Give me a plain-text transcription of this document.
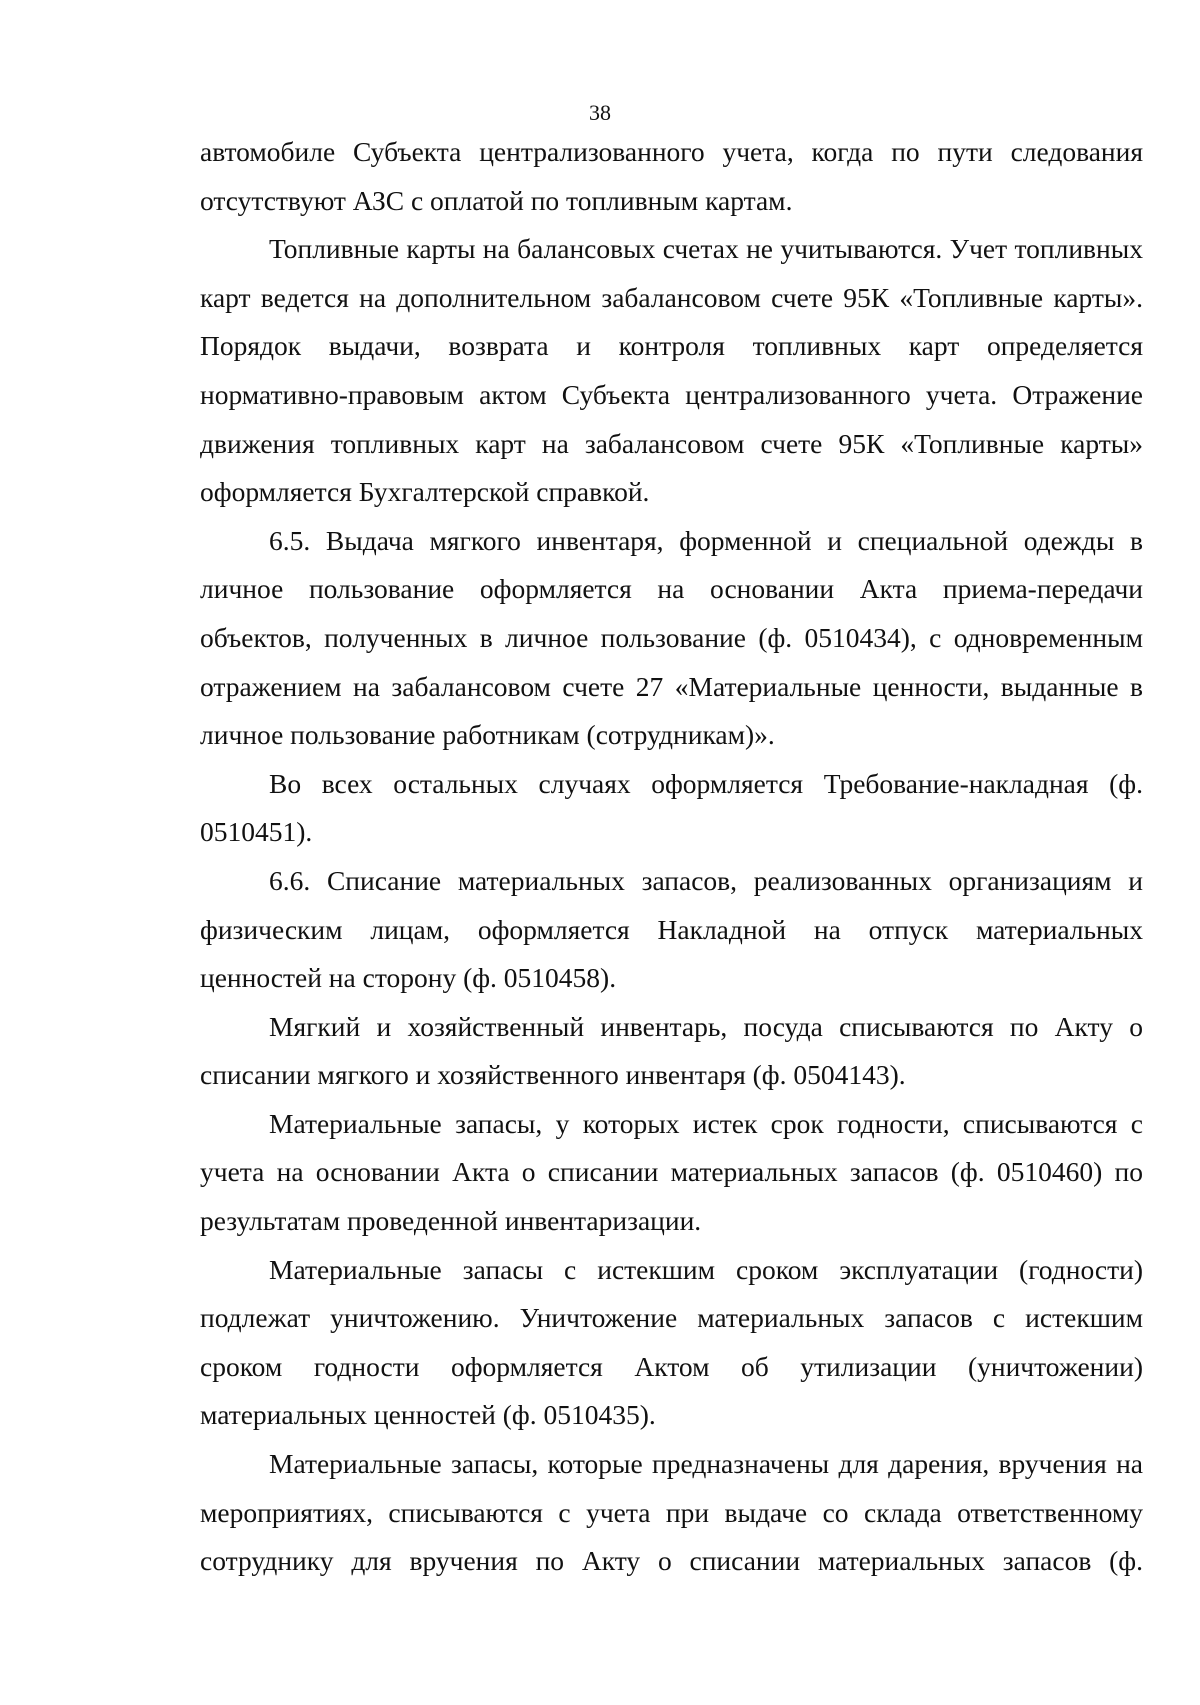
38

автомобиле Субъекта централизованного учета, когда по пути следования отсутствуют АЗС с оплатой по топливным картам.

Топливные карты на балансовых счетах не учитываются. Учет топливных карт ведется на дополнительном забалансовом счете 95К «Топливные карты». Порядок выдачи, возврата и контроля топливных карт определяется нормативно-правовым актом Субъекта централизованного учета. Отражение движения топливных карт на забалансовом счете 95К «Топливные карты» оформляется Бухгалтерской справкой.

6.5. Выдача мягкого инвентаря, форменной и специальной одежды в личное пользование оформляется на основании Акта приема-передачи объектов, полученных в личное пользование (ф. 0510434), с одновременным отражением на забалансовом счете 27 «Материальные ценности, выданные в личное пользование работникам (сотрудникам)».

Во всех остальных случаях оформляется Требование-накладная (ф. 0510451).

6.6. Списание материальных запасов, реализованных организациям и физическим лицам, оформляется Накладной на отпуск материальных ценностей на сторону (ф. 0510458).

Мягкий и хозяйственный инвентарь, посуда списываются по Акту о списании мягкого и хозяйственного инвентаря (ф. 0504143).

Материальные запасы, у которых истек срок годности, списываются с учета на основании Акта о списании материальных запасов (ф. 0510460) по результатам проведенной инвентаризации.

Материальные запасы с истекшим сроком эксплуатации (годности) подлежат уничтожению. Уничтожение материальных запасов с истекшим сроком годности оформляется Актом об утилизации (уничтожении) материальных ценностей (ф. 0510435).

Материальные запасы, которые предназначены для дарения, вручения на мероприятиях, списываются с учета при выдаче со склада ответственному сотруднику для вручения по Акту о списании материальных запасов (ф.
